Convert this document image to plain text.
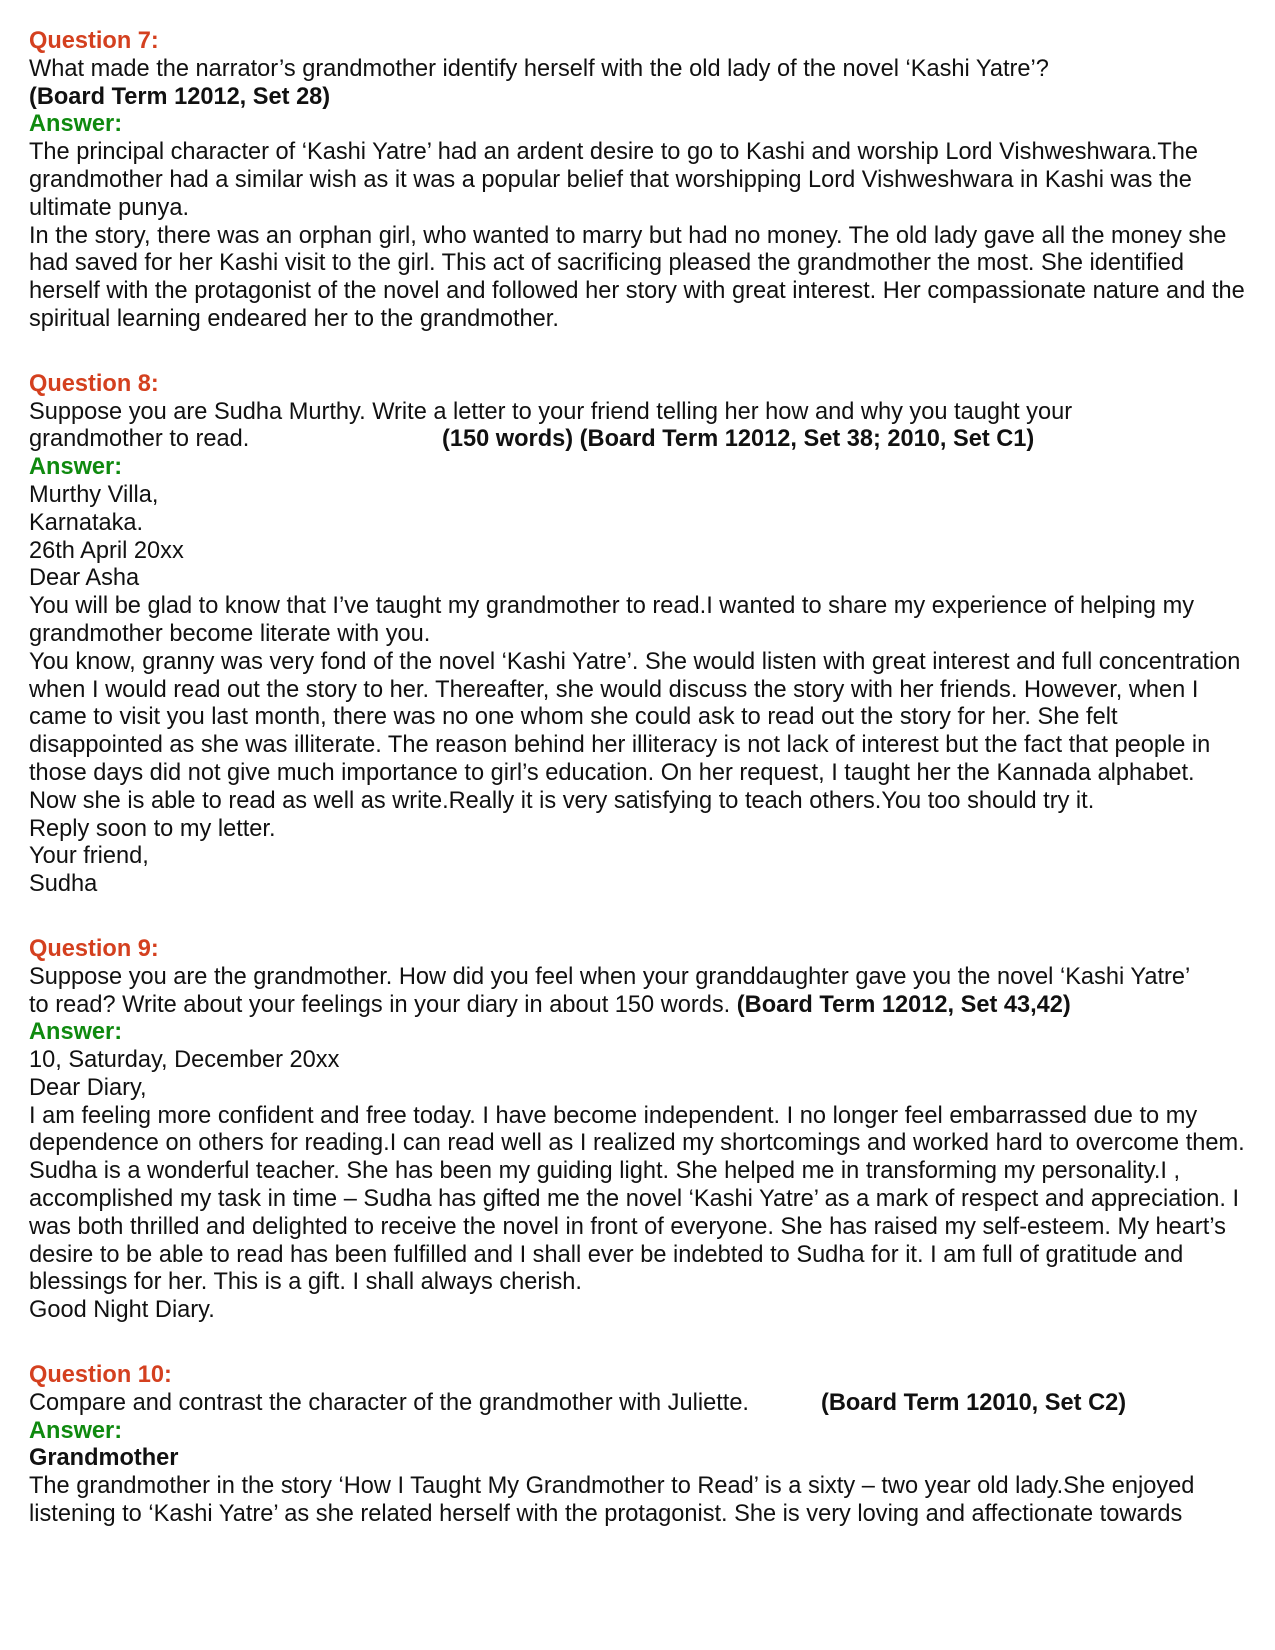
Question 7:
What made the narrator’s grandmother identify herself with the old lady of the novel ‘Kashi Yatre’?
(Board Term 12012, Set 28)
Answer:

The principal character of ‘Kashi Yatre’ had an ardent desire to go to Kashi and worship Lord Vishweshwara.The grandmother had a similar wish as it was a popular belief that worshipping Lord Vishweshwara in Kashi was the ultimate punya.

In the story, there was an orphan girl, who wanted to marry but had no money. The old lady gave all the money she had saved for her Kashi visit to the girl. This act of sacrificing pleased the grandmother the most. She identified herself with the protagonist of the novel and followed her story with great interest. Her compassionate nature and the spiritual learning endeared her to the grandmother.

Question 8:
Suppose you are Sudha Murthy. Write a letter to your friend telling her how and why you taught your
grandmother to read.	(150 words) (Board Term 12012, Set 38; 2010, Set C1)
Answer:
Murthy Villa,
Karnataka.
26th April 20xx
Dear Asha

You will be glad to know that I’ve taught my grandmother to read.I wanted to share my experience of helping my grandmother become literate with you.

You know, granny was very fond of the novel ‘Kashi Yatre’. She would listen with great interest and full concentration when I would read out the story to her. Thereafter, she would discuss the story with her friends. However, when I came to visit you last month, there was no one whom she could ask to read out the story for her. She felt disappointed as she was illiterate. The reason behind her illiteracy is not lack of interest but the fact that people in those days did not give much importance to girl’s education. On her request, I taught her the Kannada alphabet. Now she is able to read as well as write.Really it is very satisfying to teach others.You too should try it.

Reply soon to my letter.
Your friend,
Sudha
Question 9:
Suppose you are the grandmother. How did you feel when your granddaughter gave you the novel ‘Kashi Yatre’
to read? Write about your feelings in your diary in about 150 words. (Board Term 12012, Set 43,42)
Answer:
10, Saturday, December 20xx
Dear Diary,

I am feeling more confident and free today. I have become independent. I no longer feel embarrassed due to my dependence on others for reading.I can read well as I realized my shortcomings and worked hard to overcome them.

Sudha is a wonderful teacher. She has been my guiding light. She helped me in transforming my personality.I , accomplished my task in time – Sudha has gifted me the novel ‘Kashi Yatre’ as a mark of respect and appreciation. I was both thrilled and delighted to receive the novel in front of everyone. She has raised my self-esteem. My heart’s desire to be able to read has been fulfilled and I shall ever be indebted to Sudha for it. I am full of gratitude and blessings for her. This is a gift. I shall always cherish.

Good Night Diary.
Question 10:
Compare and contrast the character of the grandmother with Juliette.	(Board Term 12010, Set C2)
Answer:
Grandmother

The grandmother in the story ‘How I Taught My Grandmother to Read’ is a sixty – two year old lady.She enjoyed listening to ‘Kashi Yatre’ as she related herself with the protagonist. She is very loving and affectionate towards
